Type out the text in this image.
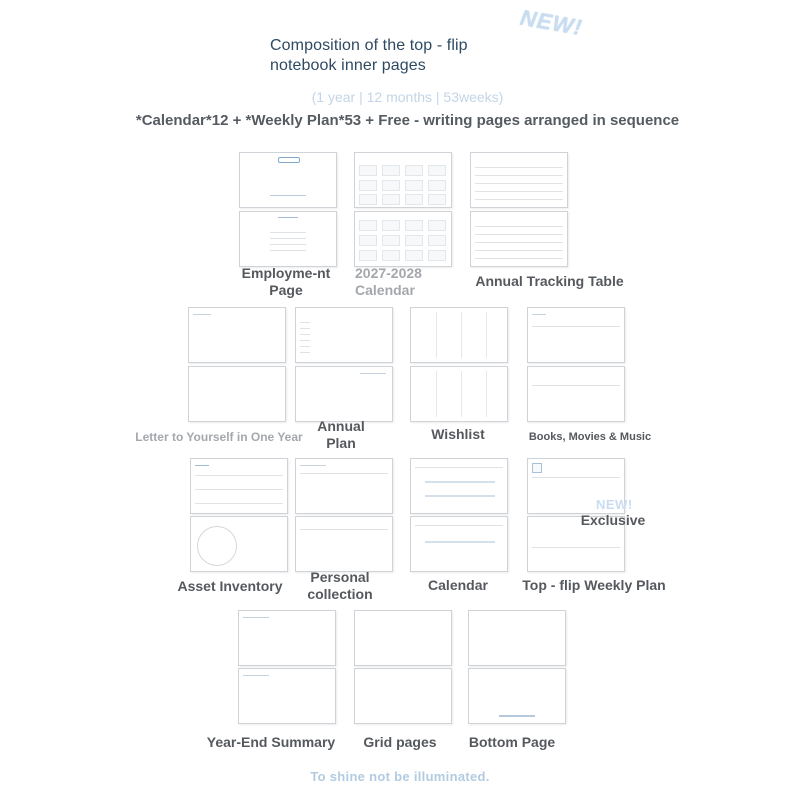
Composition of the top - flip notebook inner pages
NEW!
(1 year | 12 months | 53weeks)
*Calendar*12 + *Weekly Plan*53 + Free - writing pages arranged in sequence
Employme-nt Page
2027-2028 Calendar
Annual Tracking Table
Letter to Yourself in One Year
Annual Plan
Wishlist	Books, Movies & Music
Asset Inventory
Personal collection
Calendar
NEW!
Exclusive
Top - flip Weekly Plan
Year-End Summary	Grid pages	Bottom Page
To shine not be illuminated.
